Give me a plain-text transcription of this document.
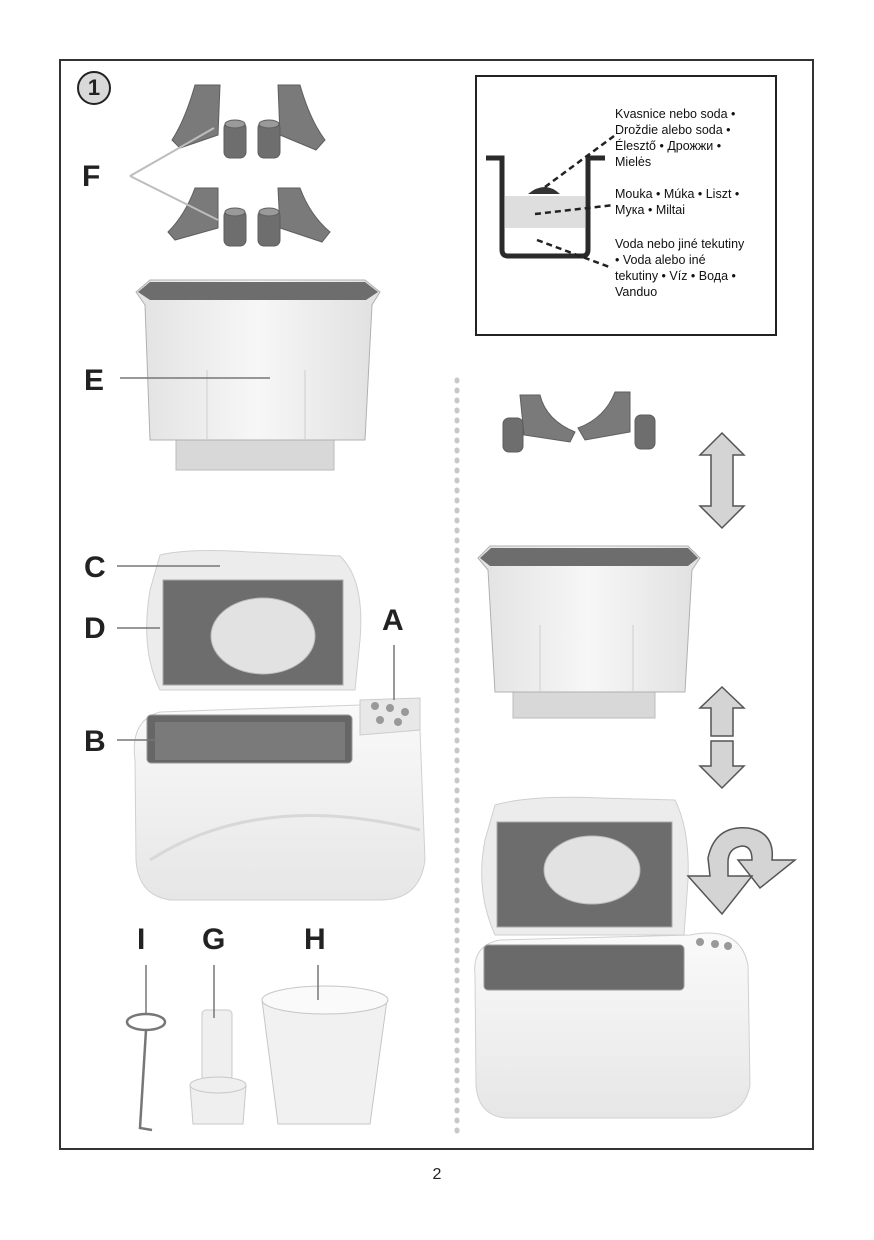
1
F
E
C
D	A
B
I G	H
Kvasnice nebo soda •
Droždie alebo soda •
Élesztő • Дрожжи •
Mielės
Mouka • Múka • Liszt •
Мука • Miltai
Voda nebo jiné tekutiny
• Voda alebo iné
tekutiny • Víz • Вода •
Vanduo
2
